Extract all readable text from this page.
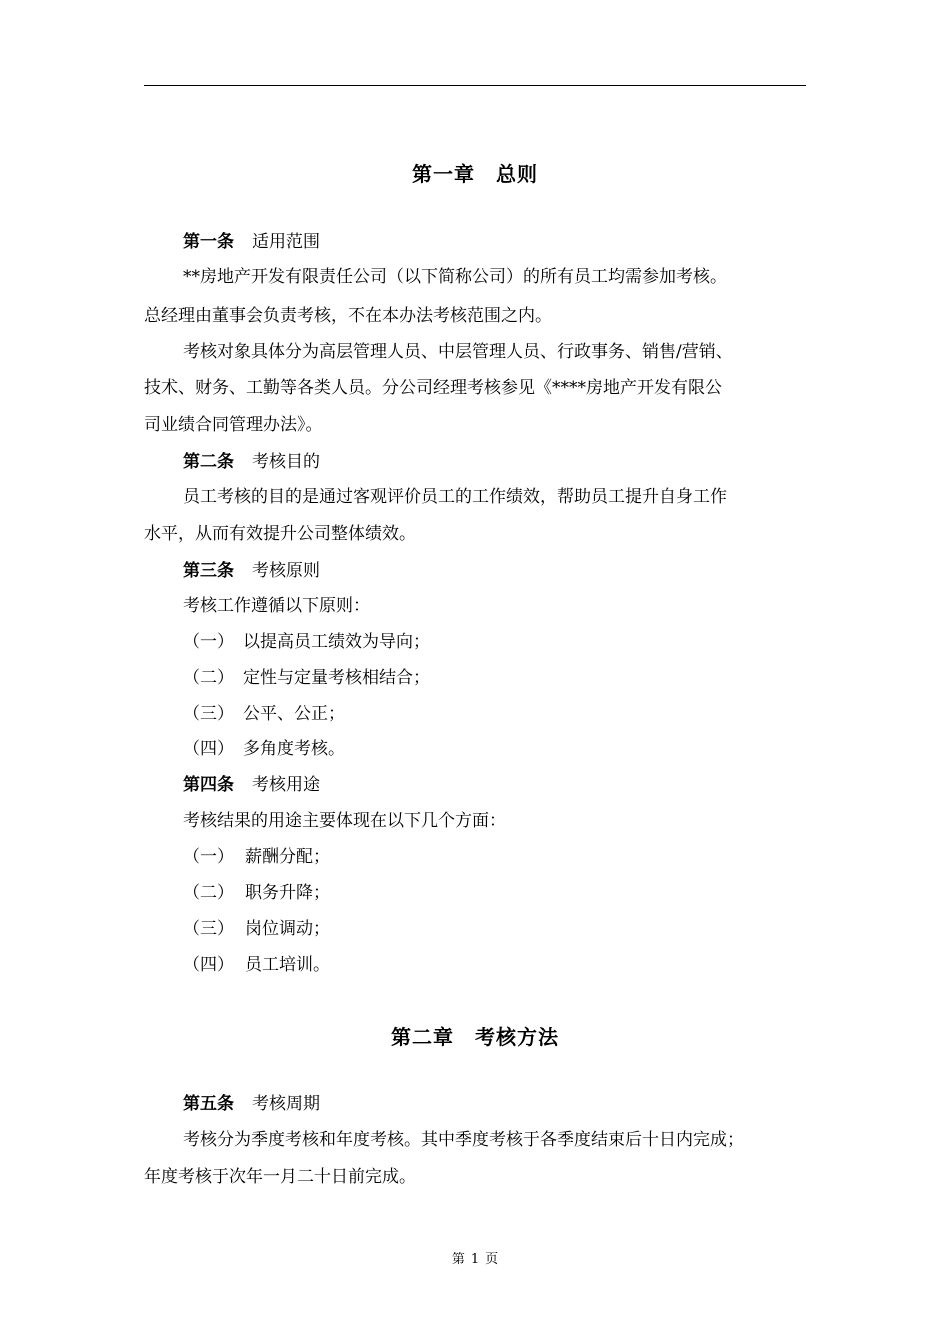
第一章　总则
第一条 适用范围
**房地产开发有限责任公司（以下简称公司）的所有员工均需参加考核。
总经理由董事会负责考核，不在本办法考核范围之内。
考核对象具体分为高层管理人员、中层管理人员、行政事务、销售/营销、
技术、财务、工勤等各类人员。分公司经理考核参见《****房地产开发有限公
司业绩合同管理办法》。
第二条 考核目的
员工考核的目的是通过客观评价员工的工作绩效，帮助员工提升自身工作
水平，从而有效提升公司整体绩效。
第三条 考核原则
考核工作遵循以下原则：
（一） 以提高员工绩效为导向；
（二） 定性与定量考核相结合；
（三） 公平、公正；
（四） 多角度考核。
第四条 考核用途
考核结果的用途主要体现在以下几个方面：
（一） 薪酬分配；
（二） 职务升降；
（三） 岗位调动；
（四） 员工培训。
第二章　考核方法
第五条 考核周期
考核分为季度考核和年度考核。其中季度考核于各季度结束后十日内完成；
年度考核于次年一月二十日前完成。
第 1 页
